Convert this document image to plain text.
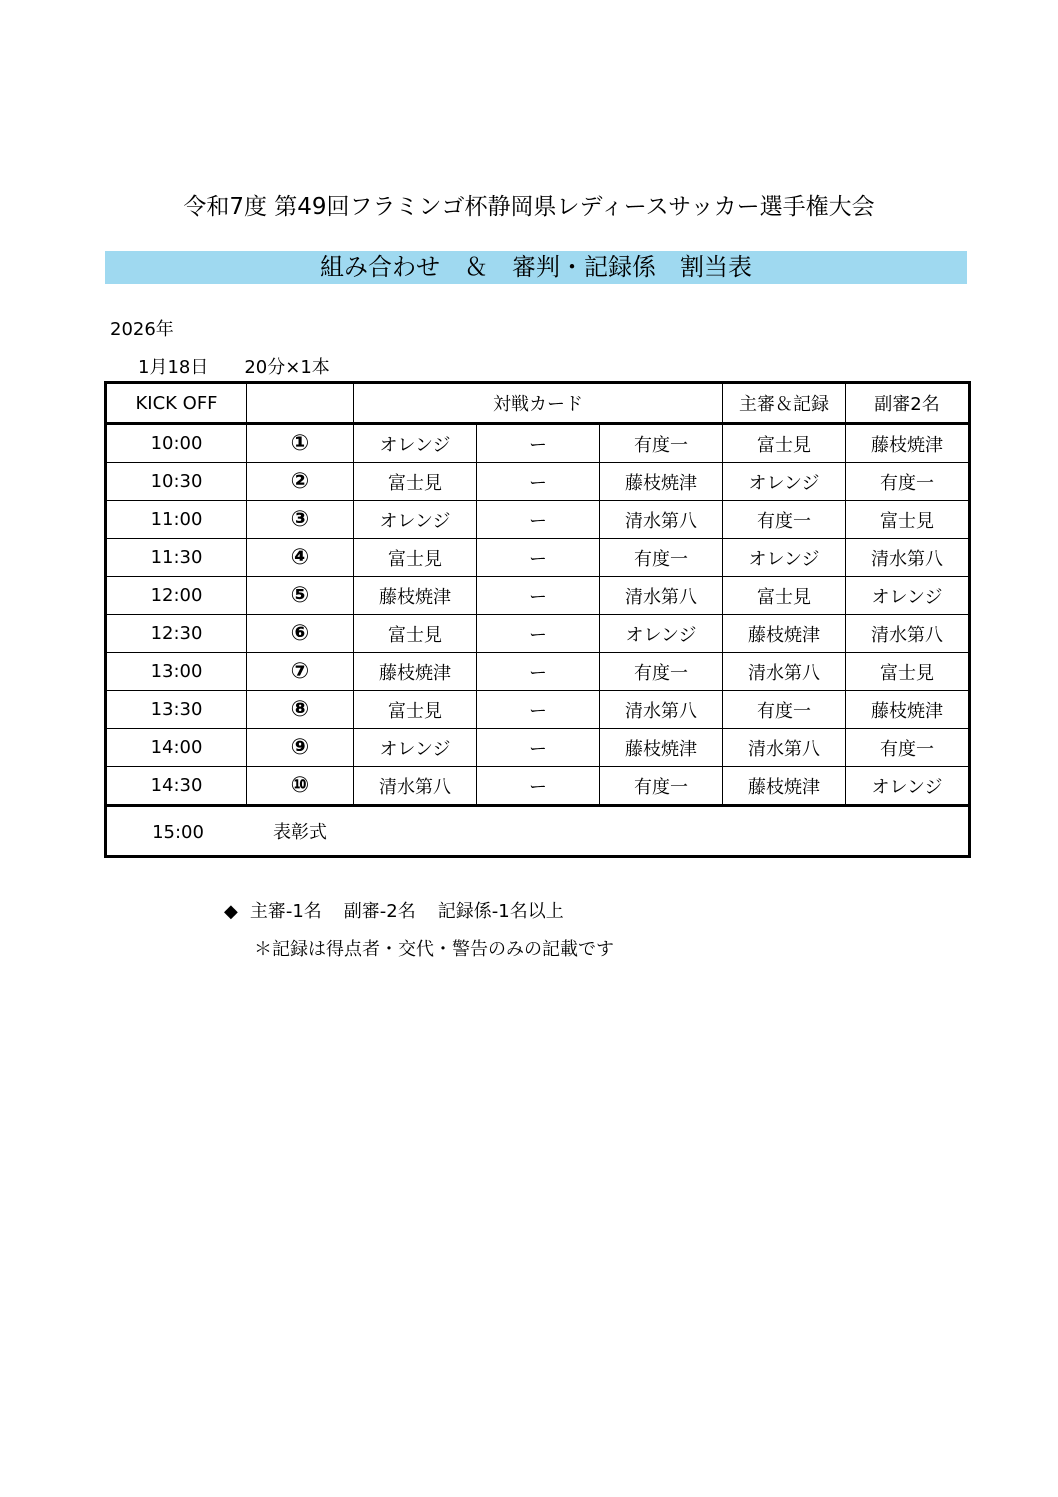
令和7度 第49回フラミンゴ杯静岡県レディースサッカー選手権大会
組み合わせ　＆　審判・記録係　割当表
2026年
1月18日 20分×1本
KICK OFF		対戦カード			主審＆記録	副審2名
10:00	①	オレンジ	ー	有度一	富士見	藤枝焼津
10:30	②	富士見	ー	藤枝焼津	オレンジ	有度一
11:00	③	オレンジ	ー	清水第八	有度一	富士見
11:30	④	富士見	ー	有度一	オレンジ	清水第八
12:00	⑤	藤枝焼津	ー	清水第八	富士見	オレンジ
12:30	⑥	富士見	ー	オレンジ	藤枝焼津	清水第八
13:00	⑦	藤枝焼津	ー	有度一	清水第八	富士見
13:30	⑧	富士見	ー	清水第八	有度一	藤枝焼津
14:00	⑨	オレンジ	ー	藤枝焼津	清水第八	有度一
14:30	⑩	清水第八	ー	有度一	藤枝焼津	オレンジ
15:00 表彰式						
◆ 主審-1名 副審-2名 記録係-1名以上
＊記録は得点者・交代・警告のみの記載です
